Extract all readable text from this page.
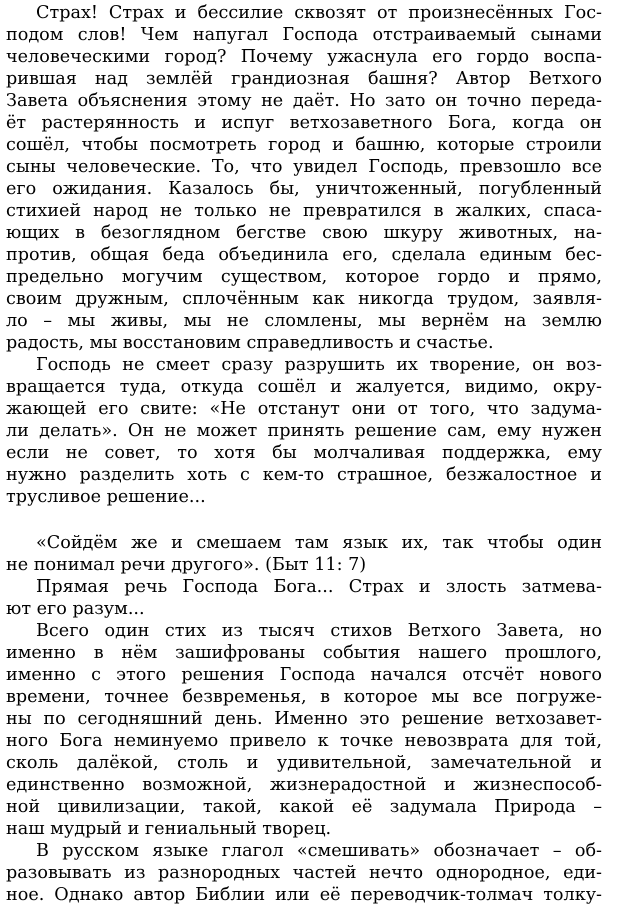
Страх! Страх и бессилие сквозят от произнесённых Гос-
подом слов! Чем напугал Господа отстраиваемый сынами
человеческими город? Почему ужаснула его гордо воспа-
рившая над землёй грандиозная башня? Автор Ветхого
Завета объяснения этому не даёт. Но зато он точно переда-
ёт растерянность и испуг ветхозаветного Бога, когда он
сошёл, чтобы посмотреть город и башню, которые строили
сыны человеческие. То, что увидел Господь, превзошло все
его ожидания. Казалось бы, уничтоженный, погубленный
стихией народ не только не превратился в жалких, спаса-
ющих в безоглядном бегстве свою шкуру животных, на-
против, общая беда объединила его, сделала единым бес-
предельно могучим существом, которое гордо и прямо,
своим дружным, сплочённым как никогда трудом, заявля-
ло – мы живы, мы не сломлены, мы вернём на землю
радость, мы восстановим справедливость и счастье.
Господь не смеет сразу разрушить их творение, он воз-
вращается туда, откуда сошёл и жалуется, видимо, окру-
жающей его свите: «Не отстанут они от того, что задума-
ли делать». Он не может принять решение сам, ему нужен
если не совет, то хотя бы молчаливая поддержка, ему
нужно разделить хоть с кем-то страшное, безжалостное и
трусливое решение...
«Сойдём же и смешаем там язык их, так чтобы один
не понимал речи другого». (Быт 11: 7)
Прямая речь Господа Бога... Страх и злость затмева-
ют его разум...
Всего один стих из тысяч стихов Ветхого Завета, но
именно в нём зашифрованы события нашего прошлого,
именно с этого решения Господа начался отсчёт нового
времени, точнее безвременья, в которое мы все погруже-
ны по сегодняшний день. Именно это решение ветхозавет-
ного Бога неминуемо привело к точке невозврата для той,
сколь далёкой, столь и удивительной, замечательной и
единственно возможной, жизнерадостной и жизнеспособ-
ной цивилизации, такой, какой её задумала Природа –
наш мудрый и гениальный творец.
В русском языке глагол «смешивать» обозначает – об-
разовывать из разнородных частей нечто однородное, еди-
ное. Однако автор Библии или её переводчик-толмач толку-
